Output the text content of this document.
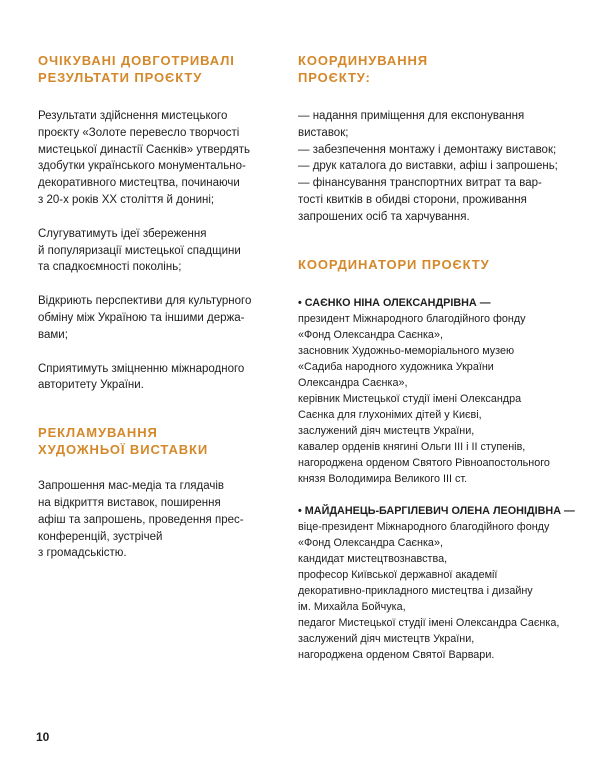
ОЧІКУВАНІ ДОВГОТРИВАЛІ
РЕЗУЛЬТАТИ ПРОЄКТУ

Результати здійснення мистецького
проєкту «Золоте перевесло творчості
мистецької династії Саєнків» утвердять
здобутки українського монументально-
декоративного мистецтва, починаючи
з 20-х років ХХ століття й донині;

Слугуватимуть ідеї збереження
й популяризації мистецької спадщини
та спадкоємності поколінь;

Відкриють перспективи для культурного
обміну між Україною та іншими держа-
вами;

Сприятимуть зміцненню міжнародного
авторитету України.

РЕКЛАМУВАННЯ
ХУДОЖНЬОЇ ВИСТАВКИ

Запрошення мас-медіа та глядачів
на відкриття виставок, поширення
афіш та запрошень, проведення прес-
конференцій, зустрічей
з громадськістю.

КООРДИНУВАННЯ
ПРОЄКТУ:
— надання приміщення для експонування
виставок;
— забезпечення монтажу і демонтажу виставок;
— друк каталога до виставки, афіш і запрошень;
— фінансування транспортних витрат та вар-
тості квитків в обидві сторони, проживання
запрошених осіб та харчування.
КООРДИНАТОРИ ПРОЄКТУ
• САЄНКО НІНА ОЛЕКСАНДРІВНА —
президент Міжнародного благодійного фонду
«Фонд Олександра Саєнка»,
засновник Художньо-меморіального музею
«Садиба народного художника України
Олександра Саєнка»,
керівник Мистецької студії імені Олександра
Саєнка для глухонімих дітей у Києві,
заслужений діяч мистецтв України,
кавалер орденів княгині Ольги ІІІ і ІІ ступенів,
нагороджена орденом Святого Рівноапостольного
князя Володимира Великого ІІІ ст.
• МАЙДАНЕЦЬ-БАРГІЛЕВИЧ ОЛЕНА ЛЕОНІДІВНА —
віце-президент Міжнародного благодійного фонду
«Фонд Олександра Саєнка»,
кандидат мистецтвознавства,
професор Київської державної академії
декоративно-прикладного мистецтва і дизайну
ім. Михайла Бойчука,
педагог Мистецької студії імені Олександра Саєнка,
заслужений діяч мистецтв України,
нагороджена орденом Святої Варвари.
10
